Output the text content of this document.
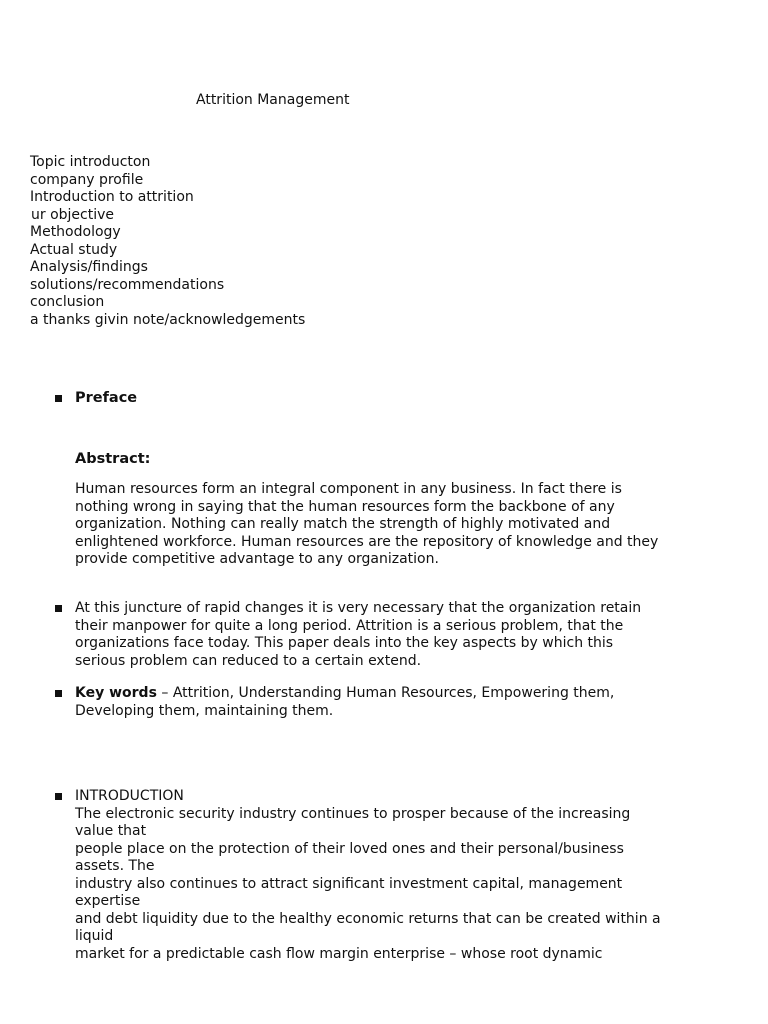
Attrition Management
Topic introducton
company profile
Introduction to attrition
ur objective
Methodology
Actual study
Analysis/findings
solutions/recommendations
conclusion
a thanks givin note/acknowledgements
Preface
Abstract:

Human resources form an integral component in any business. In fact there is nothing wrong in saying that the human resources form the backbone of any organization. Nothing can really match the strength of highly motivated and enlightened workforce. Human resources are the repository of knowledge and they provide competitive advantage to any organization.

At this juncture of rapid changes it is very necessary that the organization retain their manpower for quite a long period. Attrition is a serious problem, that the organizations face today. This paper deals into the key aspects by which this serious problem can reduced to a certain extend.

Key words – Attrition, Understanding Human Resources, Empowering them, Developing them, maintaining them.

INTRODUCTION
The electronic security industry continues to prosper because of the increasing value that
people place on the protection of their loved ones and their personal/business assets. The
industry also continues to attract significant investment capital, management expertise
and debt liquidity due to the healthy economic returns that can be created within a liquid
market for a predictable cash flow margin enterprise – whose root dynamic
